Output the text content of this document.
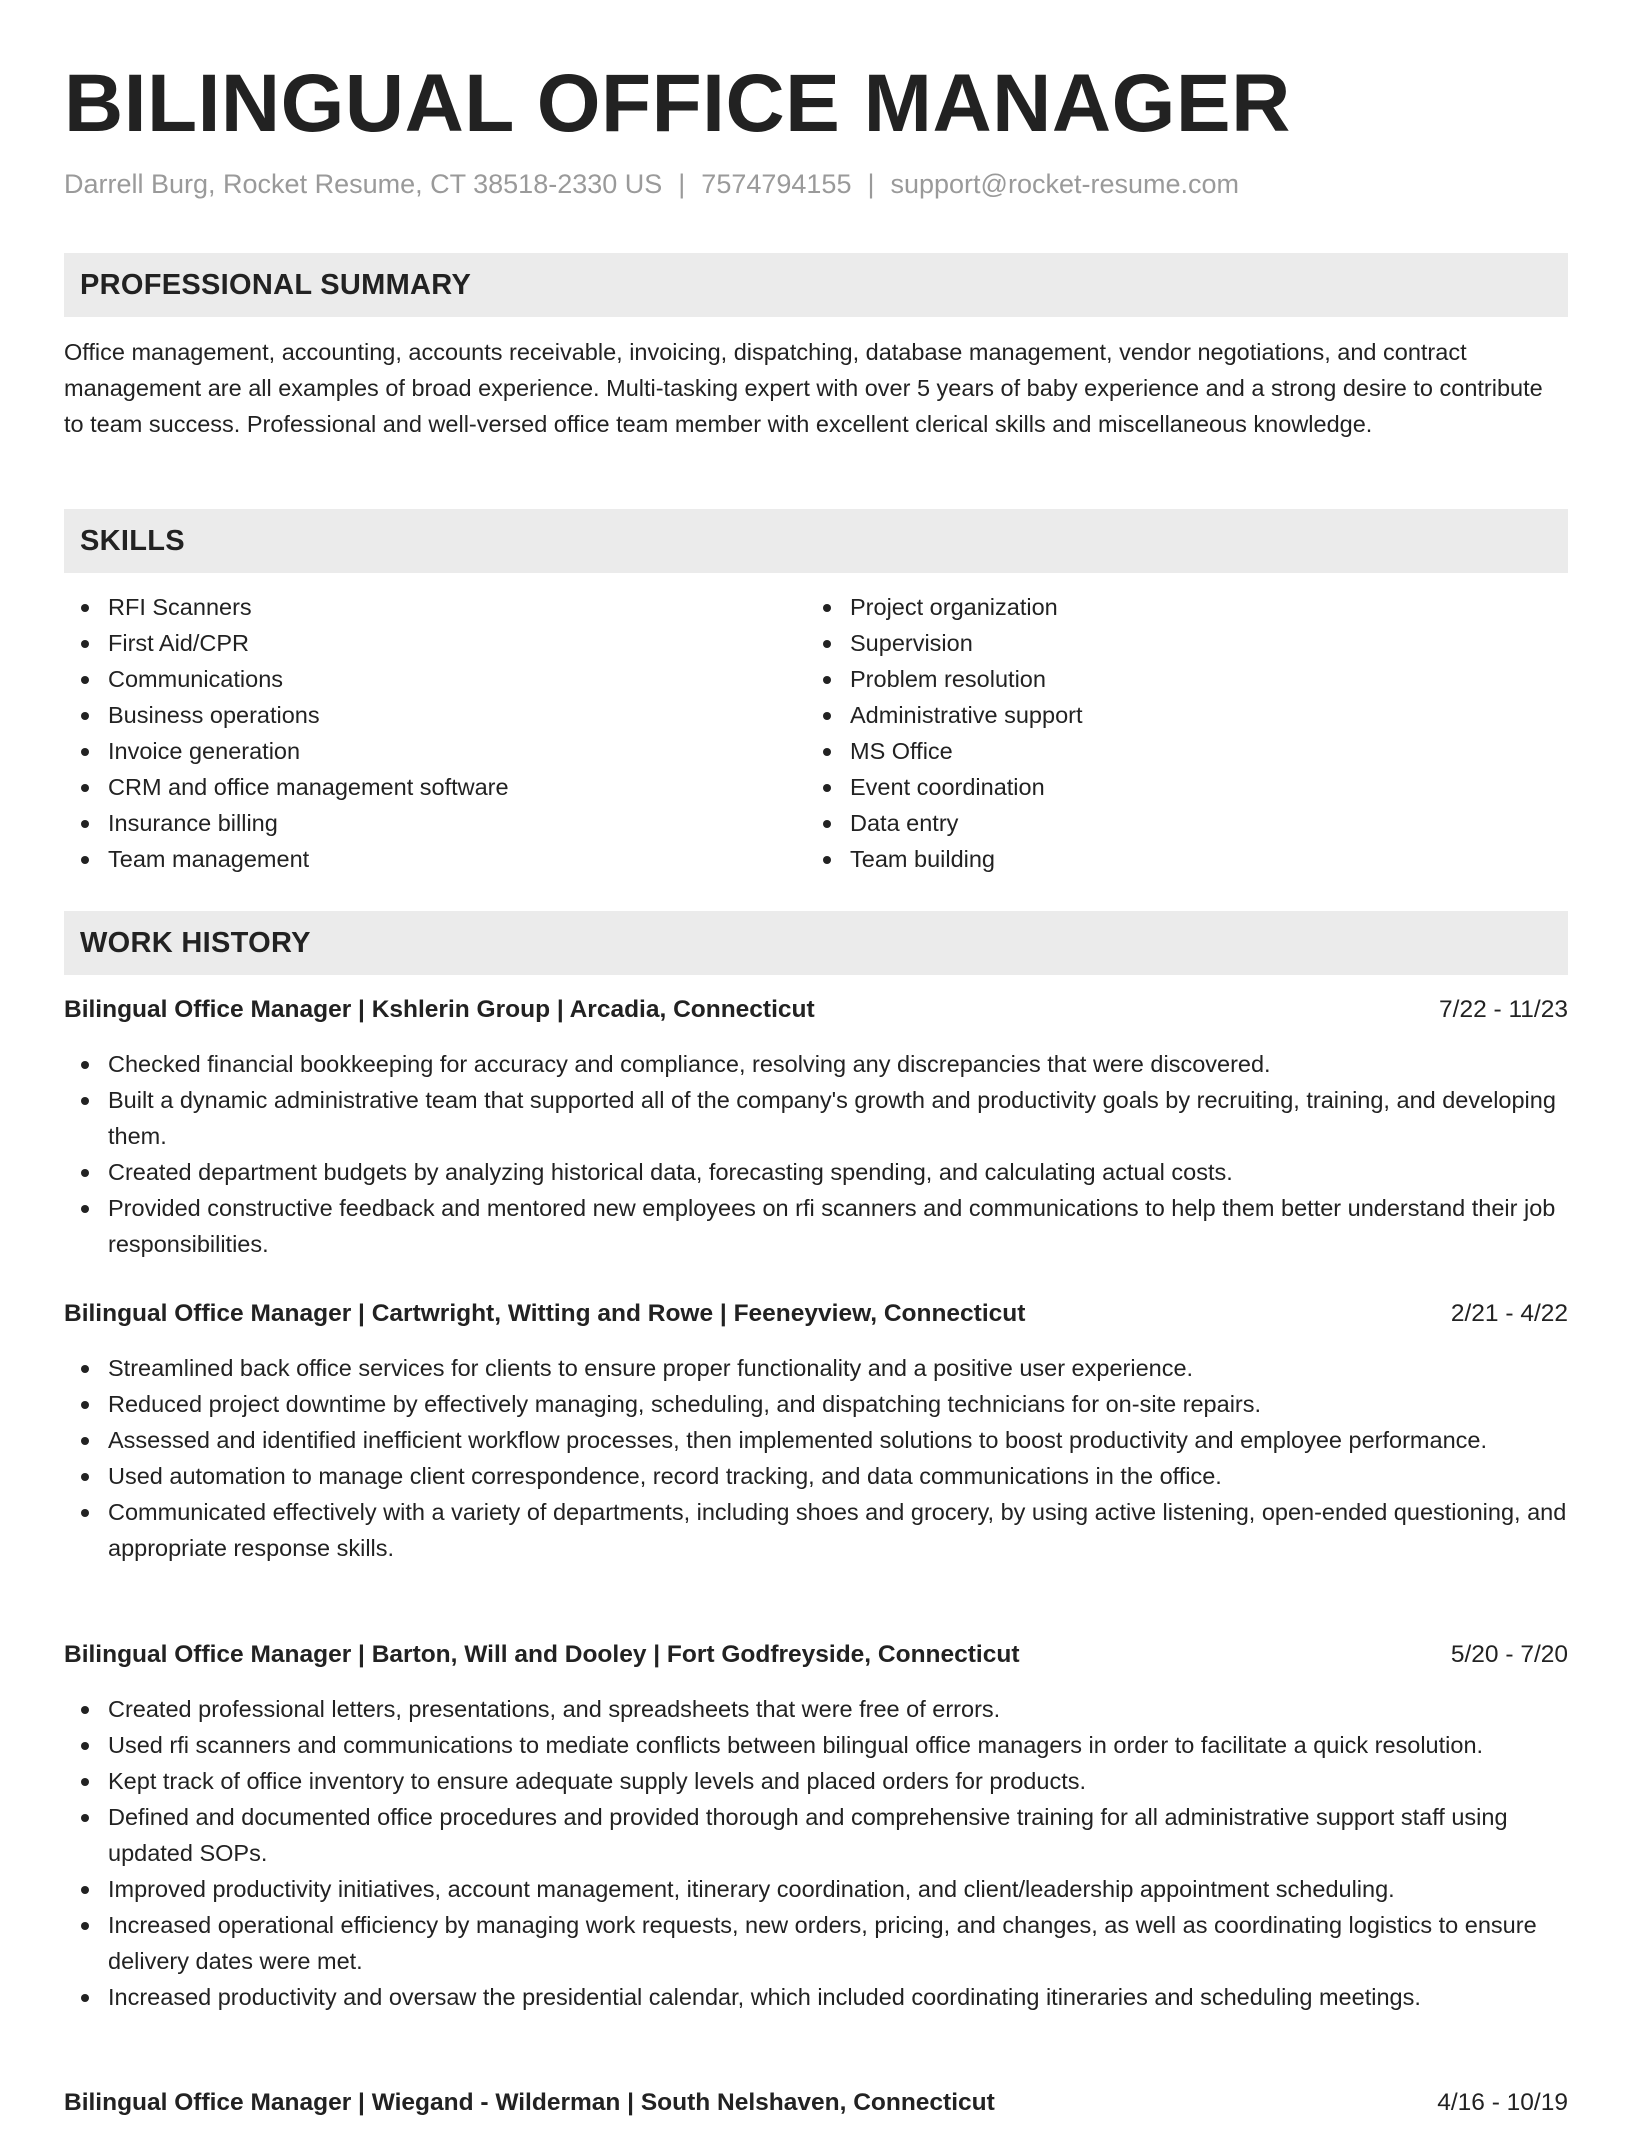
BILINGUAL OFFICE MANAGER
Darrell Burg, Rocket Resume, CT 38518-2330 US | 7574794155 | support@rocket-resume.com
PROFESSIONAL SUMMARY

Office management, accounting, accounts receivable, invoicing, dispatching, database management, vendor negotiations, and contract management are all examples of broad experience. Multi-tasking expert with over 5 years of baby experience and a strong desire to contribute to team success. Professional and well-versed office team member with excellent clerical skills and miscellaneous knowledge.

SKILLS
RFI Scanners
First Aid/CPR
Communications
Business operations
Invoice generation
CRM and office management software
Insurance billing
Team management
Project organization
Supervision
Problem resolution
Administrative support
MS Office
Event coordination
Data entry
Team building
WORK HISTORY
Bilingual Office Manager | Kshlerin Group | Arcadia, Connecticut	7/22 - 11/23
Checked financial bookkeeping for accuracy and compliance, resolving any discrepancies that were discovered.
Built a dynamic administrative team that supported all of the company's growth and productivity goals by recruiting, training, and developing them.
Created department budgets by analyzing historical data, forecasting spending, and calculating actual costs.
Provided constructive feedback and mentored new employees on rfi scanners and communications to help them better understand their job responsibilities.
Bilingual Office Manager | Cartwright, Witting and Rowe | Feeneyview, Connecticut	2/21 - 4/22
Streamlined back office services for clients to ensure proper functionality and a positive user experience.
Reduced project downtime by effectively managing, scheduling, and dispatching technicians for on-site repairs.
Assessed and identified inefficient workflow processes, then implemented solutions to boost productivity and employee performance.
Used automation to manage client correspondence, record tracking, and data communications in the office.
Communicated effectively with a variety of departments, including shoes and grocery, by using active listening, open-ended questioning, and appropriate response skills.
Bilingual Office Manager | Barton, Will and Dooley | Fort Godfreyside, Connecticut	5/20 - 7/20
Created professional letters, presentations, and spreadsheets that were free of errors.
Used rfi scanners and communications to mediate conflicts between bilingual office managers in order to facilitate a quick resolution.
Kept track of office inventory to ensure adequate supply levels and placed orders for products.
Defined and documented office procedures and provided thorough and comprehensive training for all administrative support staff using updated SOPs.
Improved productivity initiatives, account management, itinerary coordination, and client/leadership appointment scheduling.
Increased operational efficiency by managing work requests, new orders, pricing, and changes, as well as coordinating logistics to ensure delivery dates were met.
Increased productivity and oversaw the presidential calendar, which included coordinating itineraries and scheduling meetings.
Bilingual Office Manager | Wiegand - Wilderman | South Nelshaven, Connecticut	4/16 - 10/19
